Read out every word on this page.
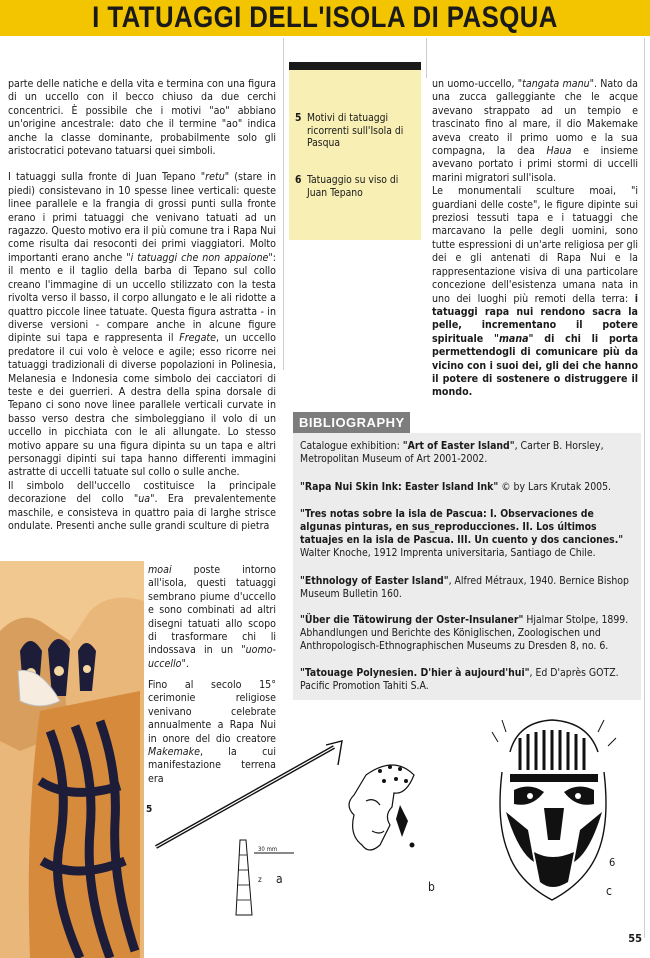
I TATUAGGI DELL'ISOLA DI PASQUA

parte delle natiche e della vita e termina con una figura di un uccello con il becco chiuso da due cerchi concentrici. È possibile che i motivi "ao" abbiano un'origine ancestrale: dato che il termine "ao" indica anche la classe dominante, probabilmente solo gli aristocratici potevano tatuarsi quei simboli.

I tatuaggi sulla fronte di Juan Tepano "retu" (stare in piedi) consistevano in 10 spesse linee verticali: queste linee parallele e la frangia di grossi punti sulla fronte erano i primi tatuaggi che venivano tatuati ad un ragazzo. Questo motivo era il più comune tra i Rapa Nui come risulta dai resoconti dei primi viaggiatori. Molto importanti erano anche "i tatuaggi che non appaione": il mento e il taglio della barba di Tepano sul collo creano l'immagine di un uccello stilizzato con la testa rivolta verso il basso, il corpo allungato e le ali ridotte a quattro piccole linee tatuate. Questa figura astratta - in diverse versioni - compare anche in alcune figure dipinte sui tapa e rappresenta il Fregate, un uccello predatore il cui volo è veloce e agile; esso ricorre nei tatuaggi tradizionali di diverse popolazioni in Polinesia, Melanesia e Indonesia come simbolo dei cacciatori di teste e dei guerrieri. A destra della spina dorsale di Tepano ci sono nove linee parallele verticali curvate in basso verso destra che simboleggiano il volo di un uccello in picchiata con le ali allungate. Lo stesso motivo appare su una figura dipinta su un tapa e altri personaggi dipinti sui tapa hanno differenti immagini astratte di uccelli tatuate sul collo o sulle anche.

Il simbolo dell'uccello costituisce la principale decorazione del collo "ua". Era prevalentemente maschile, e consisteva in quattro paia di larghe strisce ondulate. Presenti anche sulle grandi sculture di pietra

moai poste intorno all'isola, questi tatuaggi sembrano piume d'uccello e sono combinati ad altri disegni tatuati allo scopo di trasformare chi li indossava in un "uomo-uccello".

Fino al secolo 15° cerimonie religiose venivano celebrate annualmente a Rapa Nui in onore del dio creatore Makemake, la cui manifestazione terrena era

5 Motivi di tatuaggi ricorrenti sull'Isola di Pasqua
6 Tatuaggio su viso di Juan Tepano

un uomo-uccello, "tangata manu". Nato da una zucca galleggiante che le acque avevano strappato ad un tempio e trascinato fino al mare, il dio Makemake aveva creato il primo uomo e la sua compagna, la dea Haua e insieme avevano portato i primi stormi di uccelli marini migratori sull'isola.

Le monumentali sculture moai, "i guardiani delle coste", le figure dipinte sui preziosi tessuti tapa e i tatuaggi che marcavano la pelle degli uomini, sono tutte espressioni di un'arte religiosa per gli dei e gli antenati di Rapa Nui e la rappresentazione visiva di una particolare concezione dell'esistenza umana nata in uno dei luoghi più remoti della terra: i tatuaggi rapa nui rendono sacra la pelle, incrementano il potere spirituale "mana" di chi li porta permettendogli di comunicare più da vicino con i suoi dei, gli dei che hanno il potere di sostenere o distruggere il mondo.

BIBLIOGRAPHY
Catalogue exhibition: "Art of Easter Island", Carter B. Horsley, Metropolitan Museum of Art 2001-2002.
"Rapa Nui Skin Ink: Easter Island Ink" © by Lars Krutak 2005.
"Tres notas sobre la isla de Pascua: I. Observaciones de algunas pinturas, en sus_reproducciones. II. Los últimos tatuajes en la isla de Pascua. III. Un cuento y dos canciones." Walter Knoche, 1912 Imprenta universitaria, Santiago de Chile.
"Ethnology of Easter Island", Alfred Métraux, 1940. Bernice Bishop Museum Bulletin 160.
"Über die Tätowirung der Oster-Insulaner" Hjalmar Stolpe, 1899. Abhandlungen und Berichte des Königlischen, Zoologischen und Anthropologisch-Ethnographischen Museums zu Dresden 8, no. 6.
"Tatouage Polynesien. D'hier à aujourd'hui", Ed D'après GOTZ. Pacific Promotion Tahiti S.A.
5
30 mm
z a
b
6
c
55
